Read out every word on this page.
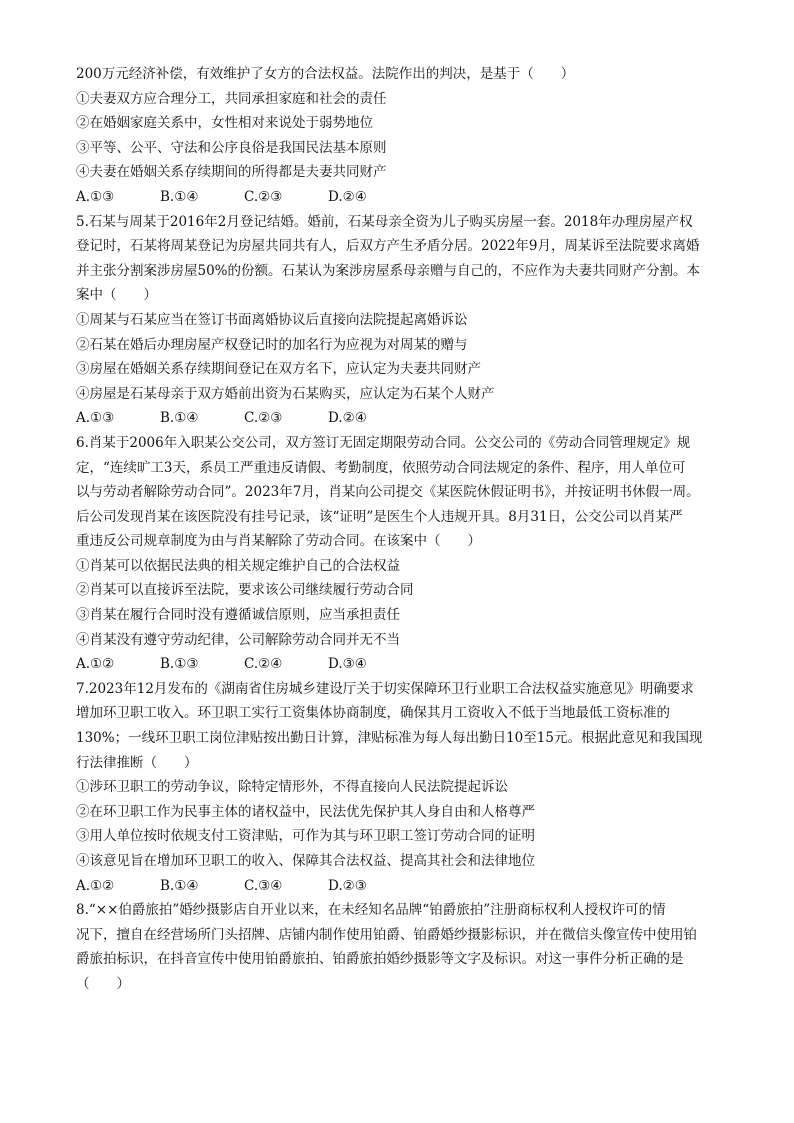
200万元经济补偿，有效维护了女方的合法权益。法院作出的判决，是基于（　　）
①夫妻双方应合理分工，共同承担家庭和社会的责任
②在婚姻家庭关系中，女性相对来说处于弱势地位
③平等、公平、守法和公序良俗是我国民法基本原则
④夫妻在婚姻关系存续期间的所得都是夫妻共同财产
A.①③	B.①④	C.②③	D.②④
5.石某与周某于2016年2月登记结婚。婚前，石某母亲全资为儿子购买房屋一套。2018年办理房屋产权
登记时，石某将周某登记为房屋共同共有人，后双方产生矛盾分居。2022年9月，周某诉至法院要求离婚
并主张分割案涉房屋50%的份额。石某认为案涉房屋系母亲赠与自己的，不应作为夫妻共同财产分割。本
案中（　　）
①周某与石某应当在签订书面离婚协议后直接向法院提起离婚诉讼
②石某在婚后办理房屋产权登记时的加名行为应视为对周某的赠与
③房屋在婚姻关系存续期间登记在双方名下，应认定为夫妻共同财产
④房屋是石某母亲于双方婚前出资为石某购买，应认定为石某个人财产
A.①③	B.①④	C.②③	D.②④
6.肖某于2006年入职某公交公司，双方签订无固定期限劳动合同。公交公司的《劳动合同管理规定》规
定，“连续旷工3天，系员工严重违反请假、考勤制度，依照劳动合同法规定的条件、程序，用人单位可
以与劳动者解除劳动合同”。2023年7月，肖某向公司提交《某医院休假证明书》，并按证明书休假一周。
后公司发现肖某在该医院没有挂号记录，该“证明”是医生个人违规开具。8月31日，公交公司以肖某严
重违反公司规章制度为由与肖某解除了劳动合同。在该案中（　　）
①肖某可以依据民法典的相关规定维护自己的合法权益
②肖某可以直接诉至法院，要求该公司继续履行劳动合同
③肖某在履行合同时没有遵循诚信原则，应当承担责任
④肖某没有遵守劳动纪律，公司解除劳动合同并无不当
A.①②	B.①③	C.②④	D.③④
7.2023年12月发布的《湖南省住房城乡建设厅关于切实保障环卫行业职工合法权益实施意见》明确要求
增加环卫职工收入。环卫职工实行工资集体协商制度，确保其月工资收入不低于当地最低工资标准的
130%；一线环卫职工岗位津贴按出勤日计算，津贴标准为每人每出勤日10至15元。根据此意见和我国现
行法律推断（　　）
①涉环卫职工的劳动争议，除特定情形外，不得直接向人民法院提起诉讼
②在环卫职工作为民事主体的诸权益中，民法优先保护其人身自由和人格尊严
③用人单位按时依规支付工资津贴，可作为其与环卫职工签订劳动合同的证明
④该意见旨在增加环卫职工的收入、保障其合法权益、提高其社会和法律地位
A.①②	B.①④	C.③④	D.②③
8.“××伯爵旅拍”婚纱摄影店自开业以来，在未经知名品牌“铂爵旅拍”注册商标权利人授权许可的情
况下，擅自在经营场所门头招牌、店铺内制作使用铂爵、铂爵婚纱摄影标识，并在微信头像宣传中使用铂
爵旅拍标识，在抖音宣传中使用铂爵旅拍、铂爵旅拍婚纱摄影等文字及标识。对这一事件分析正确的是
（　　）
